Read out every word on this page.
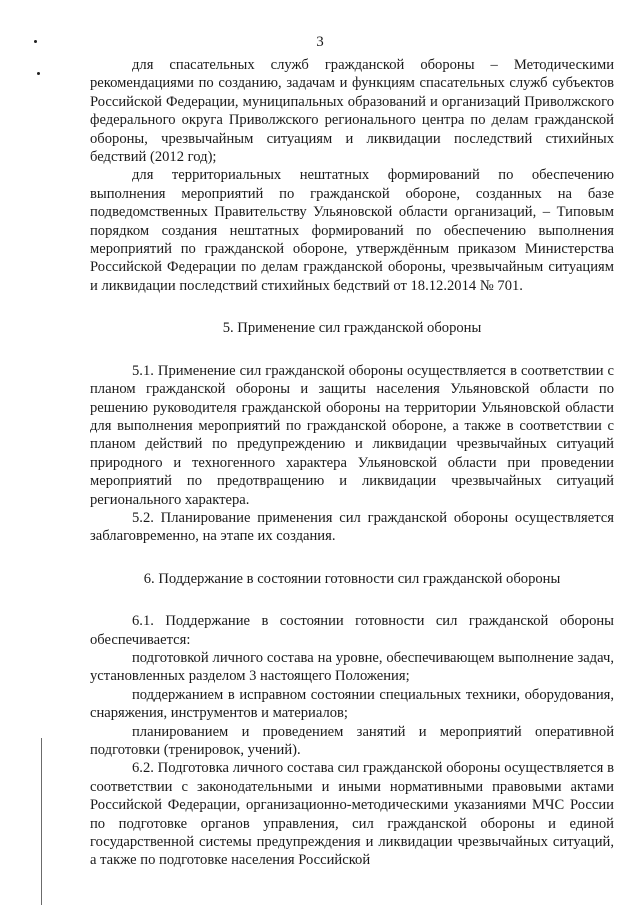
3

для спасательных служб гражданской обороны – Методическими рекомендациями по созданию, задачам и функциям спасательных служб субъектов Российской Федерации, муниципальных образований и организаций Приволжского федерального округа Приволжского регионального центра по делам гражданской обороны, чрезвычайным ситуациям и ликвидации последствий стихийных бедствий (2012 год);

для территориальных нештатных формирований по обеспечению выполнения мероприятий по гражданской обороне, созданных на базе подведомственных Правительству Ульяновской области организаций, – Типовым порядком создания нештатных формирований по обеспечению выполнения мероприятий по гражданской обороне, утверждённым приказом Министерства Российской Федерации по делам гражданской обороны, чрезвычайным ситуациям и ликвидации последствий стихийных бедствий от 18.12.2014 № 701.

5. Применение сил гражданской обороны

5.1. Применение сил гражданской обороны осуществляется в соответствии с планом гражданской обороны и защиты населения Ульяновской области по решению руководителя гражданской обороны на территории Ульяновской области для выполнения мероприятий по гражданской обороне, а также в соответствии с планом действий по предупреждению и ликвидации чрезвычайных ситуаций природного и техногенного характера Ульяновской области при проведении мероприятий по предотвращению и ликвидации чрезвычайных ситуаций регионального характера.

5.2. Планирование применения сил гражданской обороны осуществляется заблаговременно, на этапе их создания.

6. Поддержание в состоянии готовности сил гражданской обороны

6.1. Поддержание в состоянии готовности сил гражданской обороны обеспечивается:

подготовкой личного состава на уровне, обеспечивающем выполнение задач, установленных разделом 3 настоящего Положения;

поддержанием в исправном состоянии специальных техники, оборудования, снаряжения, инструментов и материалов;

планированием и проведением занятий и мероприятий оперативной подготовки (тренировок, учений).

6.2. Подготовка личного состава сил гражданской обороны осуществляется в соответствии с законодательными и иными нормативными правовыми актами Российской Федерации, организационно-методическими указаниями МЧС России по подготовке органов управления, сил гражданской обороны и единой государственной системы предупреждения и ликвидации чрезвычайных ситуаций, а также по подготовке населения Российской
